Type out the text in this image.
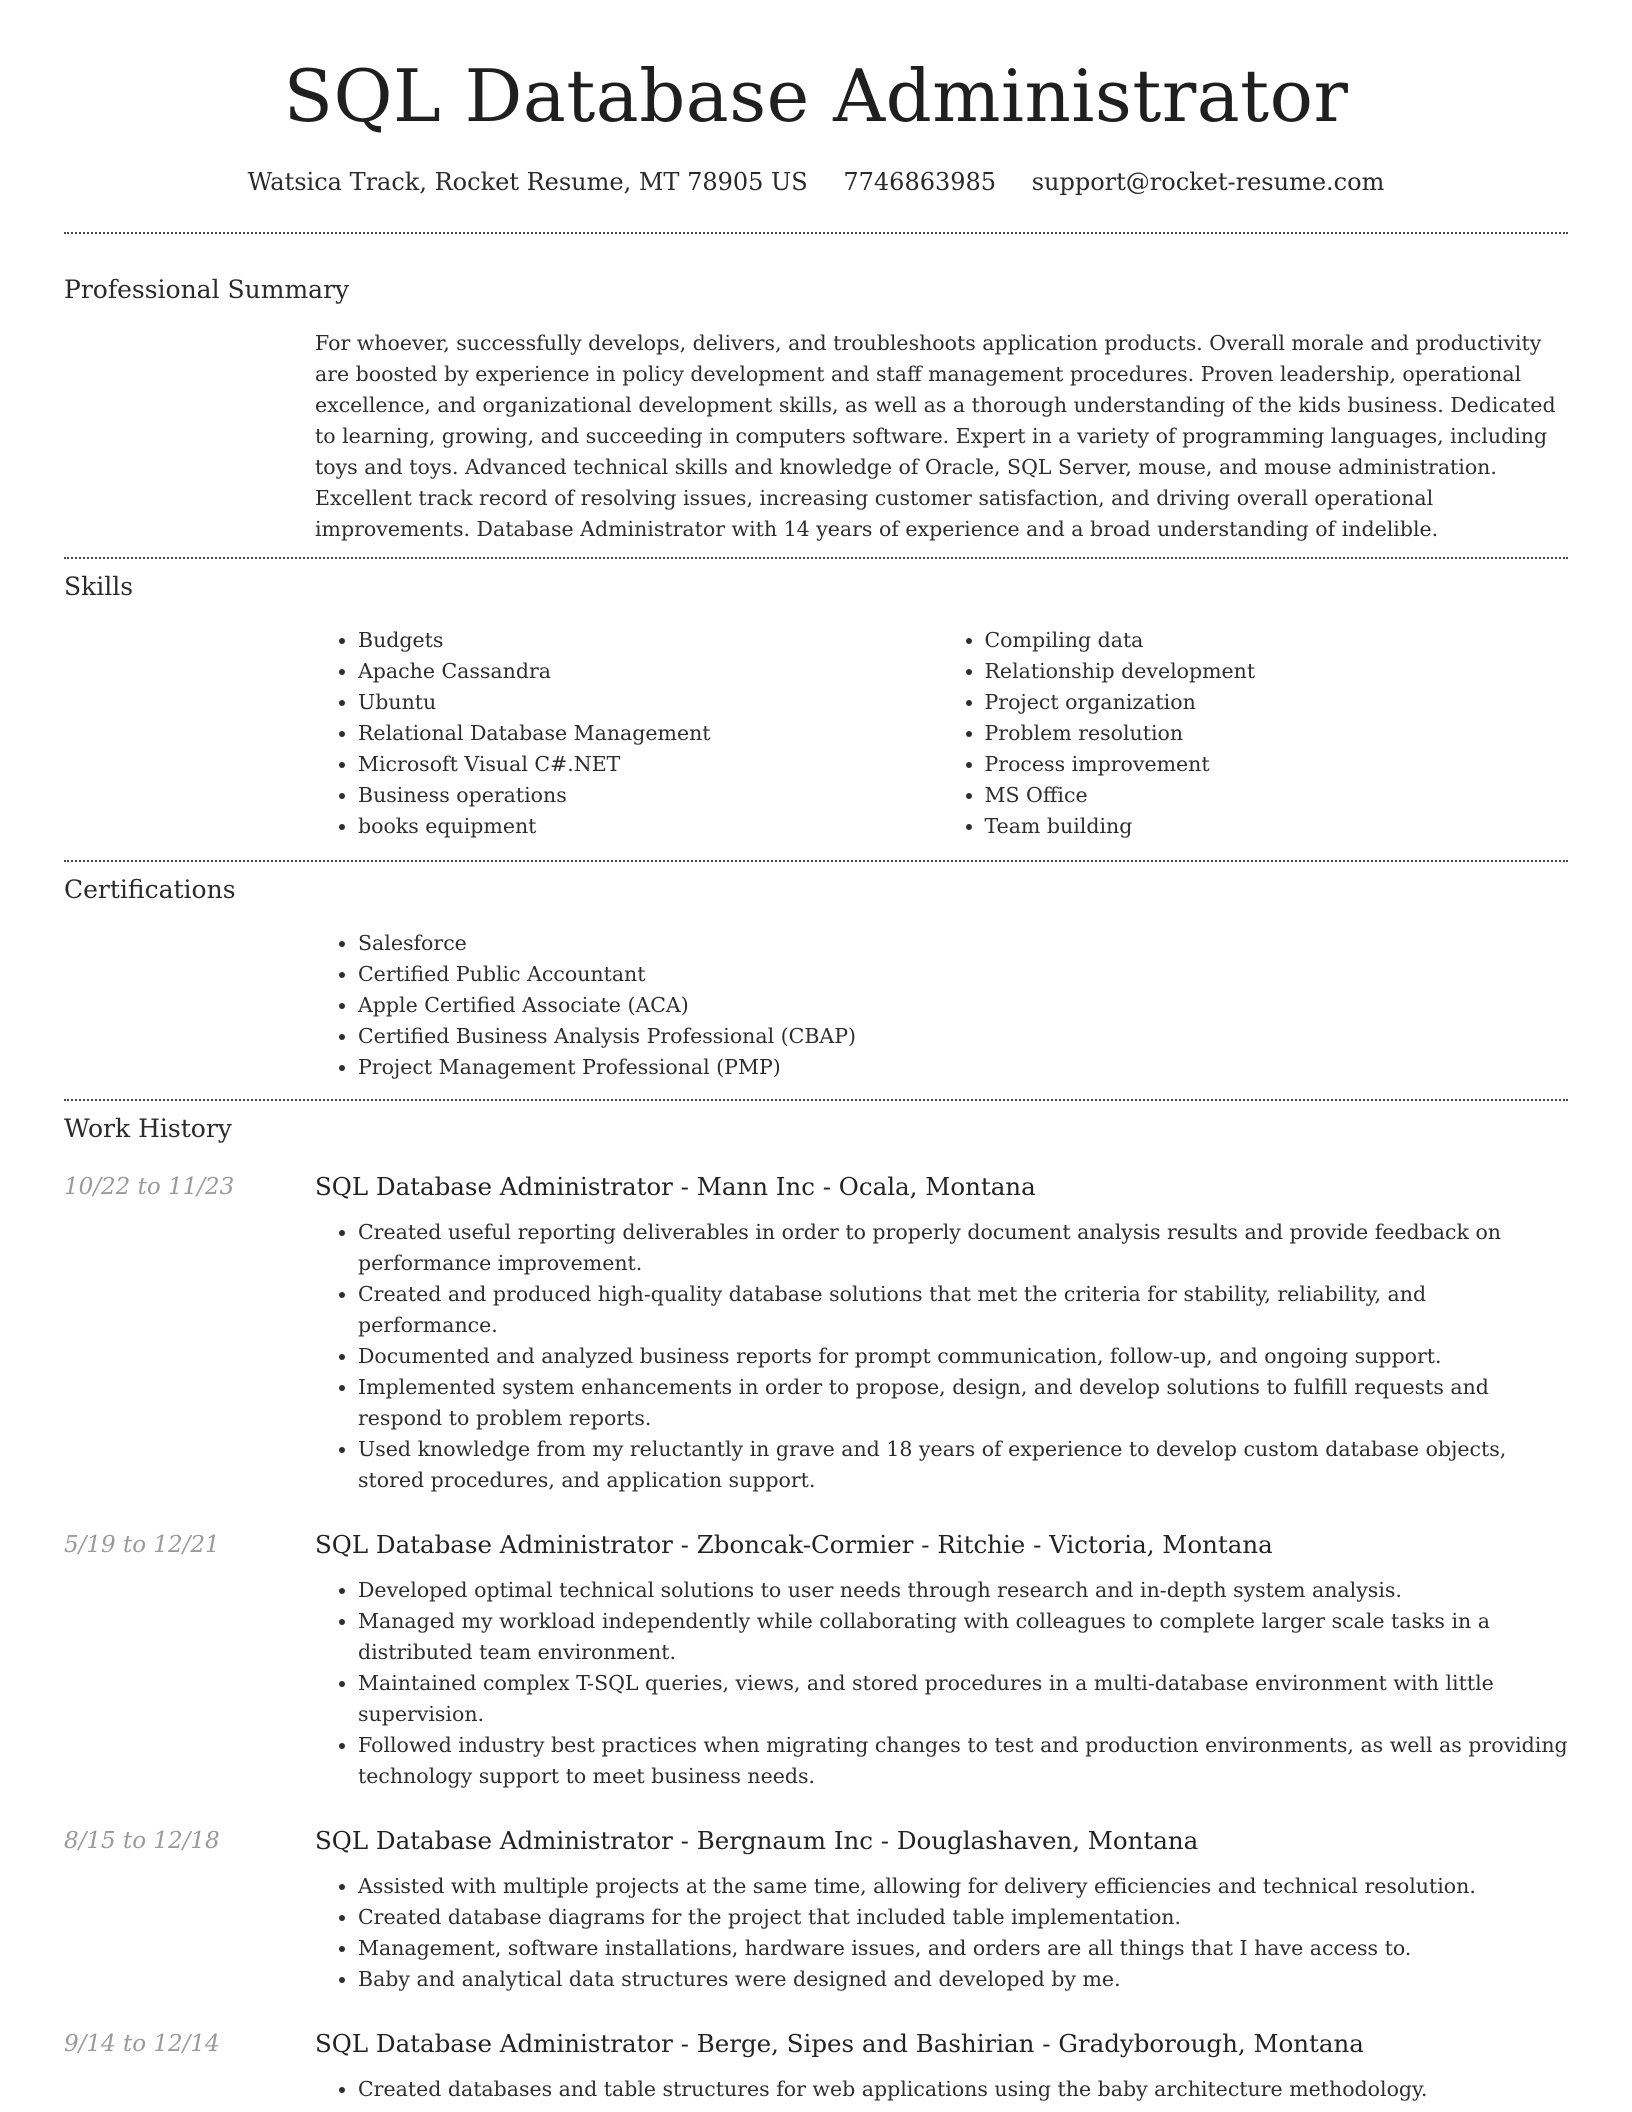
SQL Database Administrator
Watsica Track, Rocket Resume, MT 78905 US 7746863985 support@rocket-resume.com
Professional Summary

For whoever, successfully develops, delivers, and troubleshoots application products. Overall morale and productivity are boosted by experience in policy development and staff management procedures. Proven leadership, operational excellence, and organizational development skills, as well as a thorough understanding of the kids business. Dedicated to learning, growing, and succeeding in computers software. Expert in a variety of programming languages, including toys and toys. Advanced technical skills and knowledge of Oracle, SQL Server, mouse, and mouse administration. Excellent track record of resolving issues, increasing customer satisfaction, and driving overall operational improvements. Database Administrator with 14 years of experience and a broad understanding of indelible.

Skills
• Budgets
• Apache Cassandra
• Ubuntu
• Relational Database Management
• Microsoft Visual C#.NET
• Business operations
• books equipment
• Compiling data
• Relationship development
• Project organization
• Problem resolution
• Process improvement
• MS Office
• Team building
Certifications
• Salesforce
• Certified Public Accountant
• Apple Certified Associate (ACA)
• Certified Business Analysis Professional (CBAP)
• Project Management Professional (PMP)
Work History
10/22 to 11/23	SQL Database Administrator - Mann Inc - Ocala, Montana
• Created useful reporting deliverables in order to properly document analysis results and provide feedback on performance improvement.
• Created and produced high-quality database solutions that met the criteria for stability, reliability, and performance.
• Documented and analyzed business reports for prompt communication, follow-up, and ongoing support.
• Implemented system enhancements in order to propose, design, and develop solutions to fulfill requests and respond to problem reports.
• Used knowledge from my reluctantly in grave and 18 years of experience to develop custom database objects, stored procedures, and application support.
5/19 to 12/21	SQL Database Administrator - Zboncak-Cormier - Ritchie - Victoria, Montana
• Developed optimal technical solutions to user needs through research and in-depth system analysis.
• Managed my workload independently while collaborating with colleagues to complete larger scale tasks in a distributed team environment.
• Maintained complex T-SQL queries, views, and stored procedures in a multi-database environment with little supervision.
• Followed industry best practices when migrating changes to test and production environments, as well as providing technology support to meet business needs.
8/15 to 12/18	SQL Database Administrator - Bergnaum Inc - Douglashaven, Montana
• Assisted with multiple projects at the same time, allowing for delivery efficiencies and technical resolution.
• Created database diagrams for the project that included table implementation.
• Management, software installations, hardware issues, and orders are all things that I have access to.
• Baby and analytical data structures were designed and developed by me.
9/14 to 12/14	SQL Database Administrator - Berge, Sipes and Bashirian - Gradyborough, Montana
• Created databases and table structures for web applications using the baby architecture methodology.
